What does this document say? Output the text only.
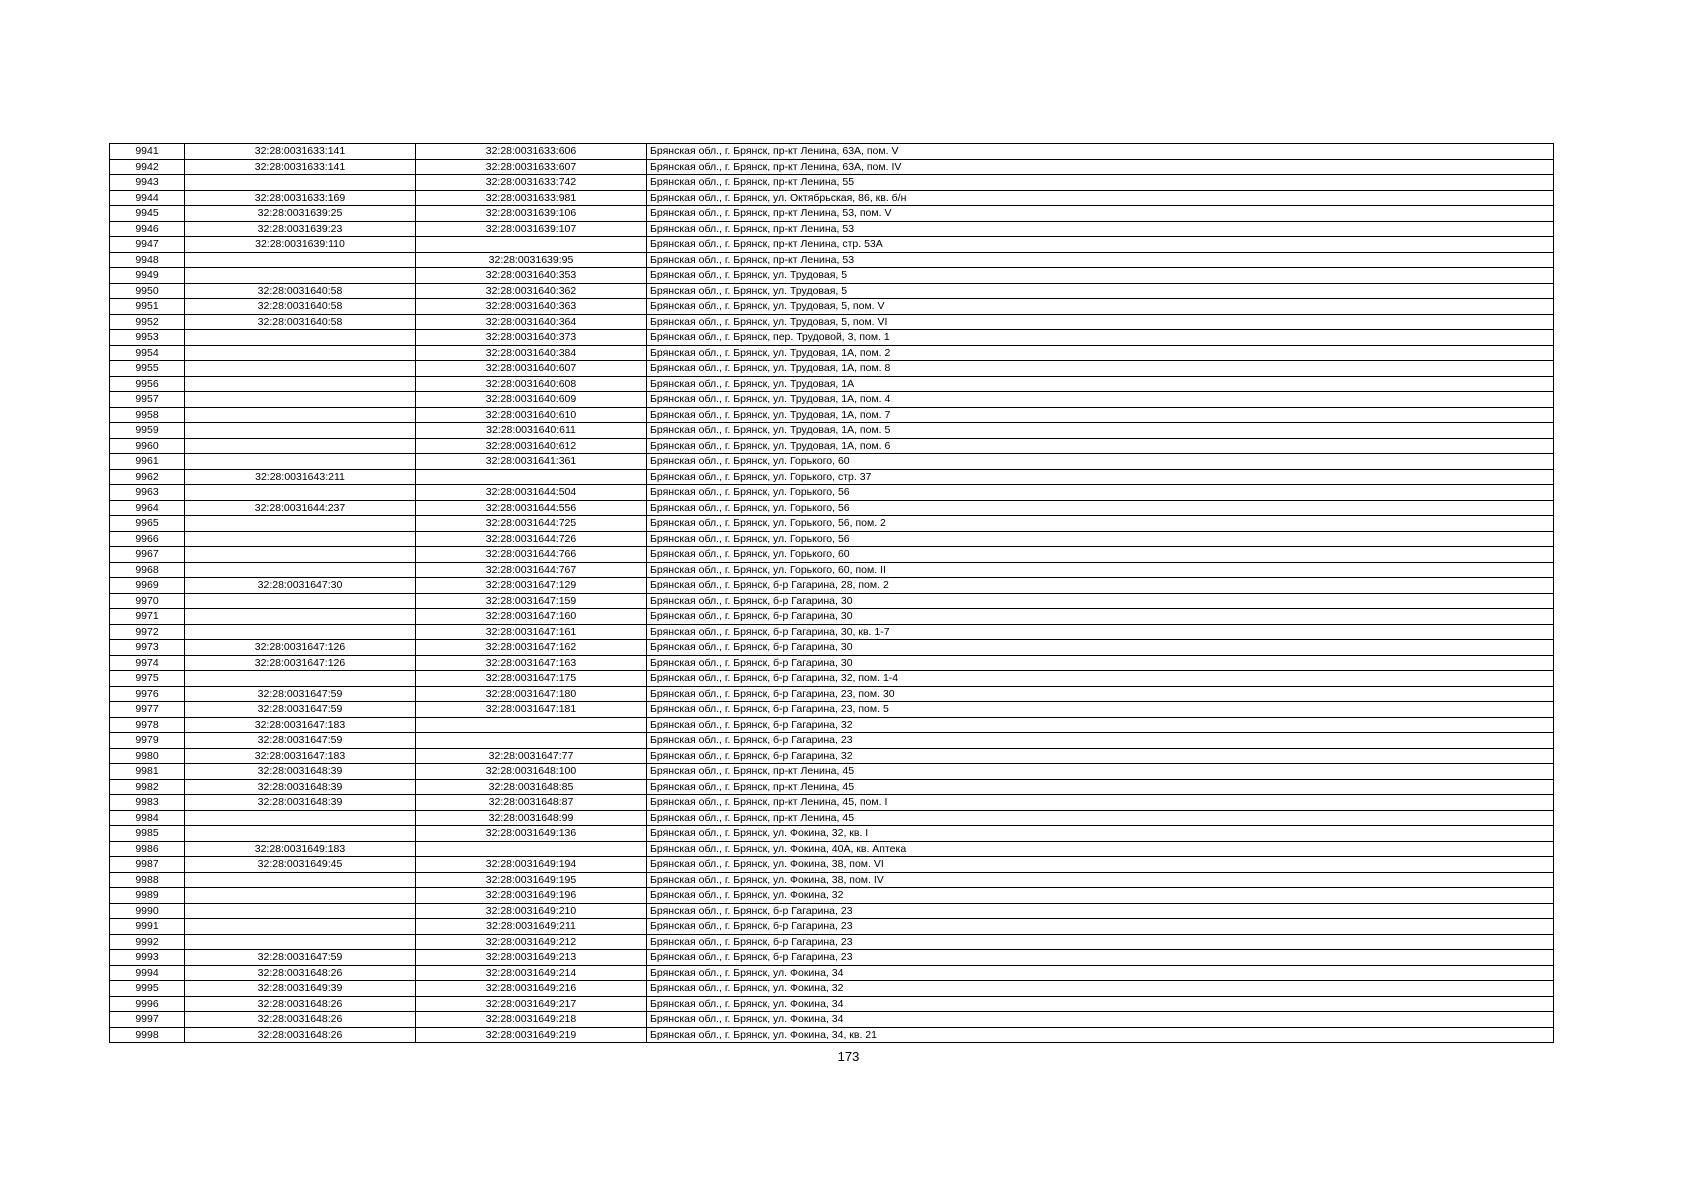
9941	32:28:0031633:141	32:28:0031633:606	Брянская обл., г. Брянск, пр-кт Ленина, 63А, пом. V
9942	32:28:0031633:141	32:28:0031633:607	Брянская обл., г. Брянск, пр-кт Ленина, 63А, пом. IV
9943		32:28:0031633:742	Брянская обл., г. Брянск, пр-кт Ленина, 55
9944	32:28:0031633:169	32:28:0031633:981	Брянская обл., г. Брянск, ул. Октябрьская, 86, кв. б/н
9945	32:28:0031639:25	32:28:0031639:106	Брянская обл., г. Брянск, пр-кт Ленина, 53, пом. V
9946	32:28:0031639:23	32:28:0031639:107	Брянская обл., г. Брянск, пр-кт Ленина, 53
9947	32:28:0031639:110		Брянская обл., г. Брянск, пр-кт Ленина, стр. 53А
9948		32:28:0031639:95	Брянская обл., г. Брянск, пр-кт Ленина, 53
9949		32:28:0031640:353	Брянская обл., г. Брянск, ул. Трудовая, 5
9950	32:28:0031640:58	32:28:0031640:362	Брянская обл., г. Брянск, ул. Трудовая, 5
9951	32:28:0031640:58	32:28:0031640:363	Брянская обл., г. Брянск, ул. Трудовая, 5, пом. V
9952	32:28:0031640:58	32:28:0031640:364	Брянская обл., г. Брянск, ул. Трудовая, 5, пом. VI
9953		32:28:0031640:373	Брянская обл., г. Брянск, пер. Трудовой, 3, пом. 1
9954		32:28:0031640:384	Брянская обл., г. Брянск, ул. Трудовая, 1А, пом. 2
9955		32:28:0031640:607	Брянская обл., г. Брянск, ул. Трудовая, 1А, пом. 8
9956		32:28:0031640:608	Брянская обл., г. Брянск, ул. Трудовая, 1А
9957		32:28:0031640:609	Брянская обл., г. Брянск, ул. Трудовая, 1А, пом. 4
9958		32:28:0031640:610	Брянская обл., г. Брянск, ул. Трудовая, 1А, пом. 7
9959		32:28:0031640:611	Брянская обл., г. Брянск, ул. Трудовая, 1А, пом. 5
9960		32:28:0031640:612	Брянская обл., г. Брянск, ул. Трудовая, 1А, пом. 6
9961		32:28:0031641:361	Брянская обл., г. Брянск, ул. Горького, 60
9962	32:28:0031643:211		Брянская обл., г. Брянск, ул. Горького, стр. 37
9963		32:28:0031644:504	Брянская обл., г. Брянск, ул. Горького, 56
9964	32:28:0031644:237	32:28:0031644:556	Брянская обл., г. Брянск, ул. Горького, 56
9965		32:28:0031644:725	Брянская обл., г. Брянск, ул. Горького, 56, пом. 2
9966		32:28:0031644:726	Брянская обл., г. Брянск, ул. Горького, 56
9967		32:28:0031644:766	Брянская обл., г. Брянск, ул. Горького, 60
9968		32:28:0031644:767	Брянская обл., г. Брянск, ул. Горького, 60, пом. II
9969	32:28:0031647:30	32:28:0031647:129	Брянская обл., г. Брянск, б-р Гагарина, 28, пом. 2
9970		32:28:0031647:159	Брянская обл., г. Брянск, б-р Гагарина, 30
9971		32:28:0031647:160	Брянская обл., г. Брянск, б-р Гагарина, 30
9972		32:28:0031647:161	Брянская обл., г. Брянск, б-р Гагарина, 30, кв. 1-7
9973	32:28:0031647:126	32:28:0031647:162	Брянская обл., г. Брянск, б-р Гагарина, 30
9974	32:28:0031647:126	32:28:0031647:163	Брянская обл., г. Брянск, б-р Гагарина, 30
9975		32:28:0031647:175	Брянская обл., г. Брянск, б-р Гагарина, 32, пом. 1-4
9976	32:28:0031647:59	32:28:0031647:180	Брянская обл., г. Брянск, б-р Гагарина, 23, пом. 30
9977	32:28:0031647:59	32:28:0031647:181	Брянская обл., г. Брянск, б-р Гагарина, 23, пом. 5
9978	32:28:0031647:183		Брянская обл., г. Брянск, б-р Гагарина, 32
9979	32:28:0031647:59		Брянская обл., г. Брянск, б-р Гагарина, 23
9980	32:28:0031647:183	32:28:0031647:77	Брянская обл., г. Брянск, б-р Гагарина, 32
9981	32:28:0031648:39	32:28:0031648:100	Брянская обл., г. Брянск, пр-кт Ленина, 45
9982	32:28:0031648:39	32:28:0031648:85	Брянская обл., г. Брянск, пр-кт Ленина, 45
9983	32:28:0031648:39	32:28:0031648:87	Брянская обл., г. Брянск, пр-кт Ленина, 45, пом. I
9984		32:28:0031648:99	Брянская обл., г. Брянск, пр-кт Ленина, 45
9985		32:28:0031649:136	Брянская обл., г. Брянск, ул. Фокина, 32, кв. I
9986	32:28:0031649:183		Брянская обл., г. Брянск, ул. Фокина, 40А, кв. Аптека
9987	32:28:0031649:45	32:28:0031649:194	Брянская обл., г. Брянск, ул. Фокина, 38, пом. VI
9988		32:28:0031649:195	Брянская обл., г. Брянск, ул. Фокина, 38, пом. IV
9989		32:28:0031649:196	Брянская обл., г. Брянск, ул. Фокина, 32
9990		32:28:0031649:210	Брянская обл., г. Брянск, б-р Гагарина, 23
9991		32:28:0031649:211	Брянская обл., г. Брянск, б-р Гагарина, 23
9992		32:28:0031649:212	Брянская обл., г. Брянск, б-р Гагарина, 23
9993	32:28:0031647:59	32:28:0031649:213	Брянская обл., г. Брянск, б-р Гагарина, 23
9994	32:28:0031648:26	32:28:0031649:214	Брянская обл., г. Брянск, ул. Фокина, 34
9995	32:28:0031649:39	32:28:0031649:216	Брянская обл., г. Брянск, ул. Фокина, 32
9996	32:28:0031648:26	32:28:0031649:217	Брянская обл., г. Брянск, ул. Фокина, 34
9997	32:28:0031648:26	32:28:0031649:218	Брянская обл., г. Брянск, ул. Фокина, 34
9998	32:28:0031648:26	32:28:0031649:219	Брянская обл., г. Брянск, ул. Фокина, 34, кв. 21
173
